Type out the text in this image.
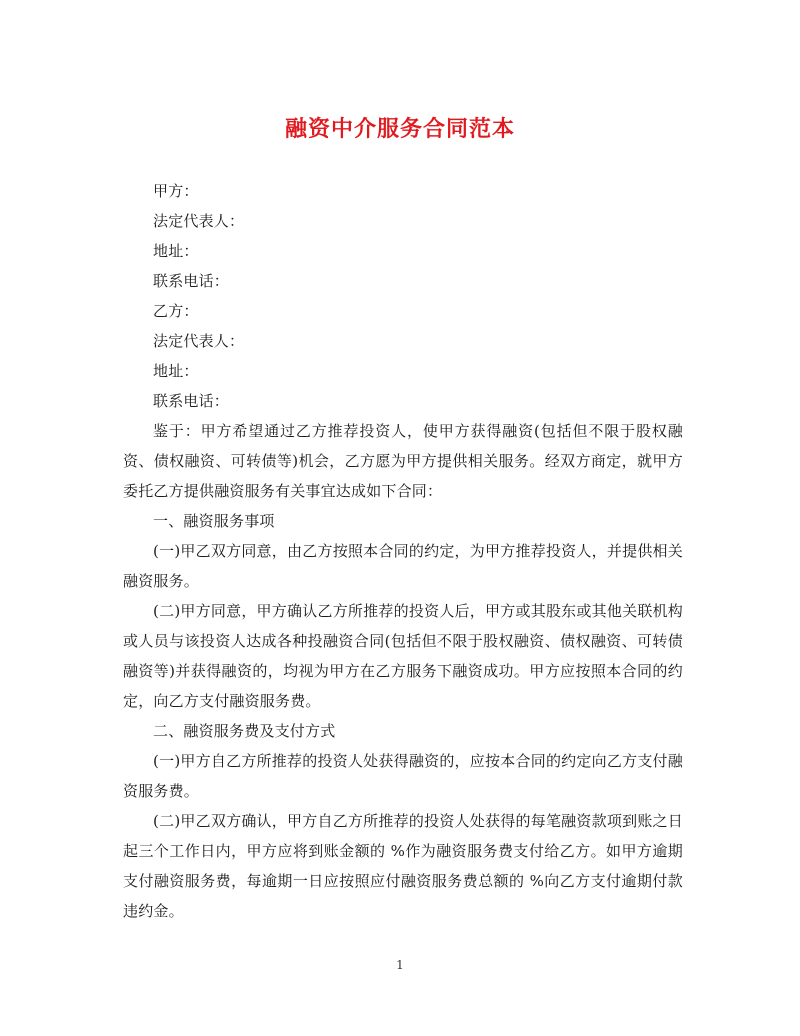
融资中介服务合同范本

甲方：

法定代表人：

地址：

联系电话：

乙方：

法定代表人：

地址：

联系电话：

鉴于：甲方希望通过乙方推荐投资人，使甲方获得融资(包括但不限于股权融资、债权融资、可转债等)机会，乙方愿为甲方提供相关服务。经双方商定，就甲方委托乙方提供融资服务有关事宜达成如下合同：

一、融资服务事项

(一)甲乙双方同意，由乙方按照本合同的约定，为甲方推荐投资人，并提供相关融资服务。

(二)甲方同意，甲方确认乙方所推荐的投资人后，甲方或其股东或其他关联机构或人员与该投资人达成各种投融资合同(包括但不限于股权融资、债权融资、可转债融资等)并获得融资的，均视为甲方在乙方服务下融资成功。甲方应按照本合同的约定，向乙方支付融资服务费。

二、融资服务费及支付方式

(一)甲方自乙方所推荐的投资人处获得融资的，应按本合同的约定向乙方支付融资服务费。

(二)甲乙双方确认，甲方自乙方所推荐的投资人处获得的每笔融资款项到账之日起三个工作日内，甲方应将到账金额的 %作为融资服务费支付给乙方。如甲方逾期支付融资服务费，每逾期一日应按照应付融资服务费总额的 %向乙方支付逾期付款违约金。

1
